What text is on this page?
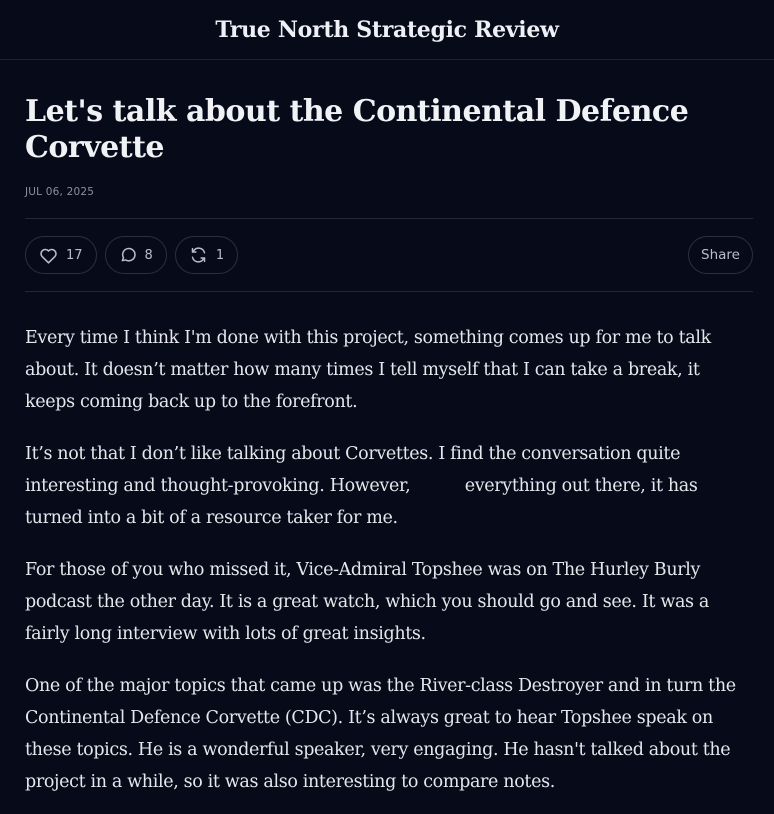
True North Strategic Review
Let's talk about the Continental Defence Corvette
JUL 06, 2025
17	8	1	Share

Every time I think I'm done with this project, something comes up for me to talk about. It doesn’t matter how many times I tell myself that I can take a break, it keeps coming back up to the forefront.

It’s not that I don’t like talking about Corvettes. I find the conversation quite interesting and thought-provoking. However,	everything out there, it has turned into a bit of a resource taker for me.

For those of you who missed it, Vice-Admiral Topshee was on The Hurley Burly podcast the other day. It is a great watch, which you should go and see. It was a fairly long interview with lots of great insights.

One of the major topics that came up was the River-class Destroyer and in turn the Continental Defence Corvette (CDC). It’s always great to hear Topshee speak on these topics. He is a wonderful speaker, very engaging. He hasn't talked about the project in a while, so it was also interesting to compare notes.
